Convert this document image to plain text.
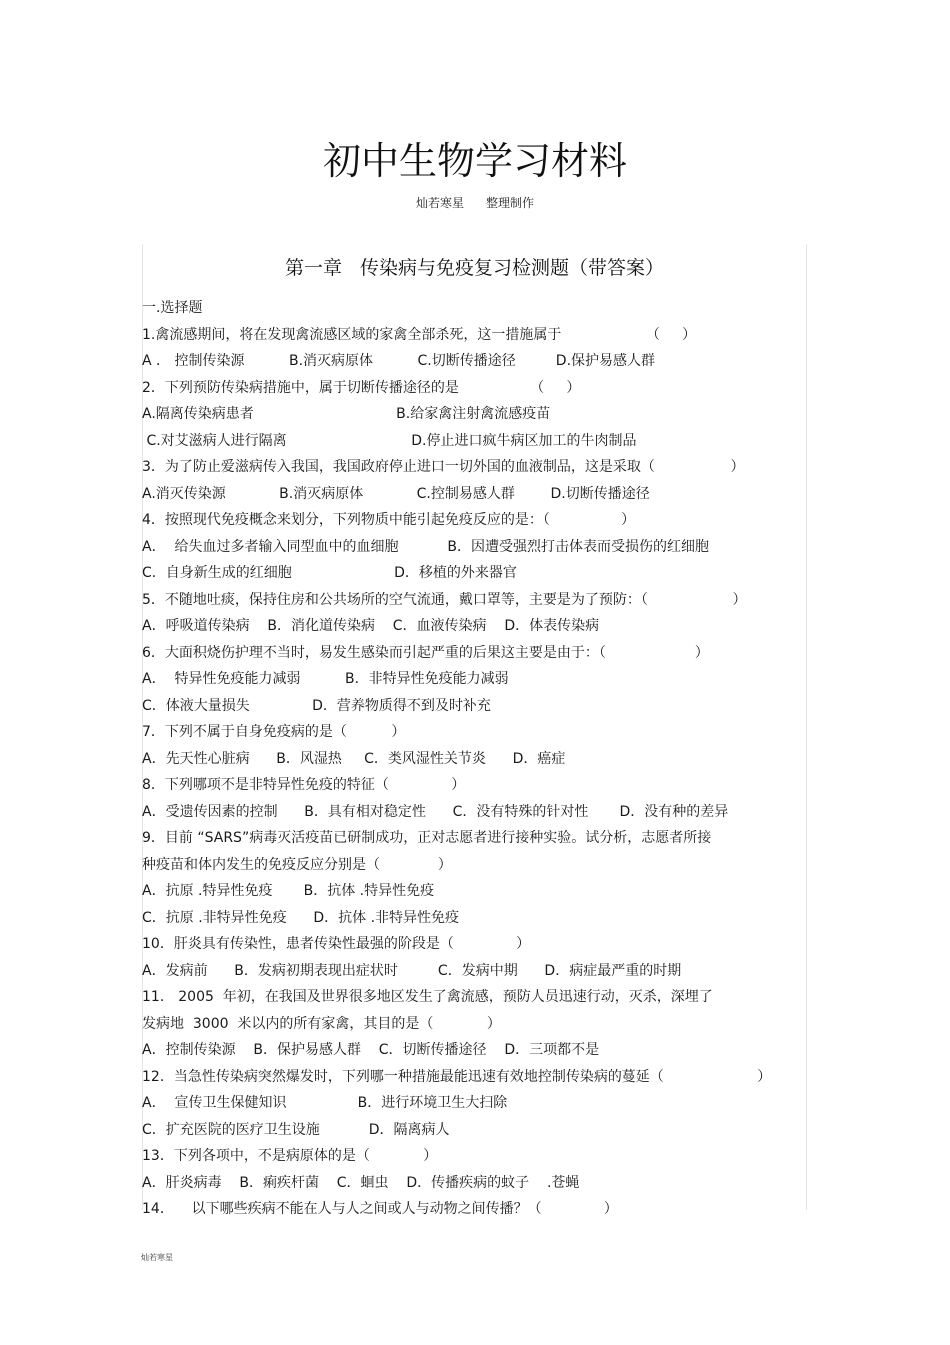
初中生物学习材料
灿若寒星 整理制作
第一章   传染病与免疫复习检测题（带答案）
一.选择题
1.禽流感期间，将在发现禽流感区域的家禽全部杀死，这一措施属于                   （     ）
A ． 控制传染源          B.消灭病原体          C.切断传播途径         D.保护易感人群
2．下列预防传染病措施中，属于切断传播途径的是                （     ）
A.隔离传染病患者                                B.给家禽注射禽流感疫苗
C.对艾滋病人进行隔离                            D.停止进口疯牛病区加工的牛肉制品
3．为了防止爱滋病传入我国，我国政府停止进口一切外国的血液制品，这是采取（                 ）
A.消灭传染源            B.消灭病原体            C.控制易感人群        D.切断传播途径
4．按照现代免疫概念来划分，下列物质中能引起免疫反应的是：（                ）
A．  给失血过多者输入同型血中的血细胞           B．因遭受强烈打击体表而受损伤的红细胞
C．自身新生成的红细胞                       D．移植的外来器官
5．不随地吐痰，保持住房和公共场所的空气流通，戴口罩等，主要是为了预防：（                   ）
A．呼吸道传染病    B．消化道传染病    C．血液传染病    D．体表传染病
6．大面积烧伤护理不当时，易发生感染而引起严重的后果这主要是由于：（                    ）
A．  特异性免疫能力减弱          B．非特异性免疫能力减弱
C．体液大量损失              D．营养物质得不到及时补充
7．下列不属于自身免疫病的是（          ）
A．先天性心脏病      B．风湿热     C．类风湿性关节炎      D．癌症
8．下列哪项不是非特异性免疫的特征（              ）
A．受遗传因素的控制      B．具有相对稳定性      C．没有特殊的针对性       D．没有种的差异
9．目前 “SARS”病毒灭活疫苗已研制成功，正对志愿者进行接种实验。试分析，志愿者所接
种疫苗和体内发生的免疫反应分别是（             ）
A．抗原 .特异性免疫       B．抗体 .特异性免疫
C．抗原 .非特异性免疫      D．抗体 .非特异性免疫
10．肝炎具有传染性，患者传染性最强的阶段是（              ）
A．发病前      B．发病初期表现出症状时         C．发病中期      D．病症最严重的时期
11． 2005  年初，在我国及世界很多地区发生了禽流感，预防人员迅速行动，灭杀，深埋了
发病地  3000  米以内的所有家禽，其目的是（            ）
A．控制传染源    B．保护易感人群    C．切断传播途径    D．三项都不是
12．当急性传染病突然爆发时，下列哪一种措施最能迅速有效地控制传染病的蔓延（                     ）
A．  宣传卫生保健知识                B．进行环境卫生大扫除
C．扩充医院的医疗卫生设施           D．隔离病人
13．下列各项中，不是病原体的是（            ）
A．肝炎病毒    B．痢疾杆菌    C．蛔虫    D．传播疾病的蚊子    .苍蝇
14．    以下哪些疾病不能在人与人之间或人与动物之间传播？（              ）
灿若寒星
